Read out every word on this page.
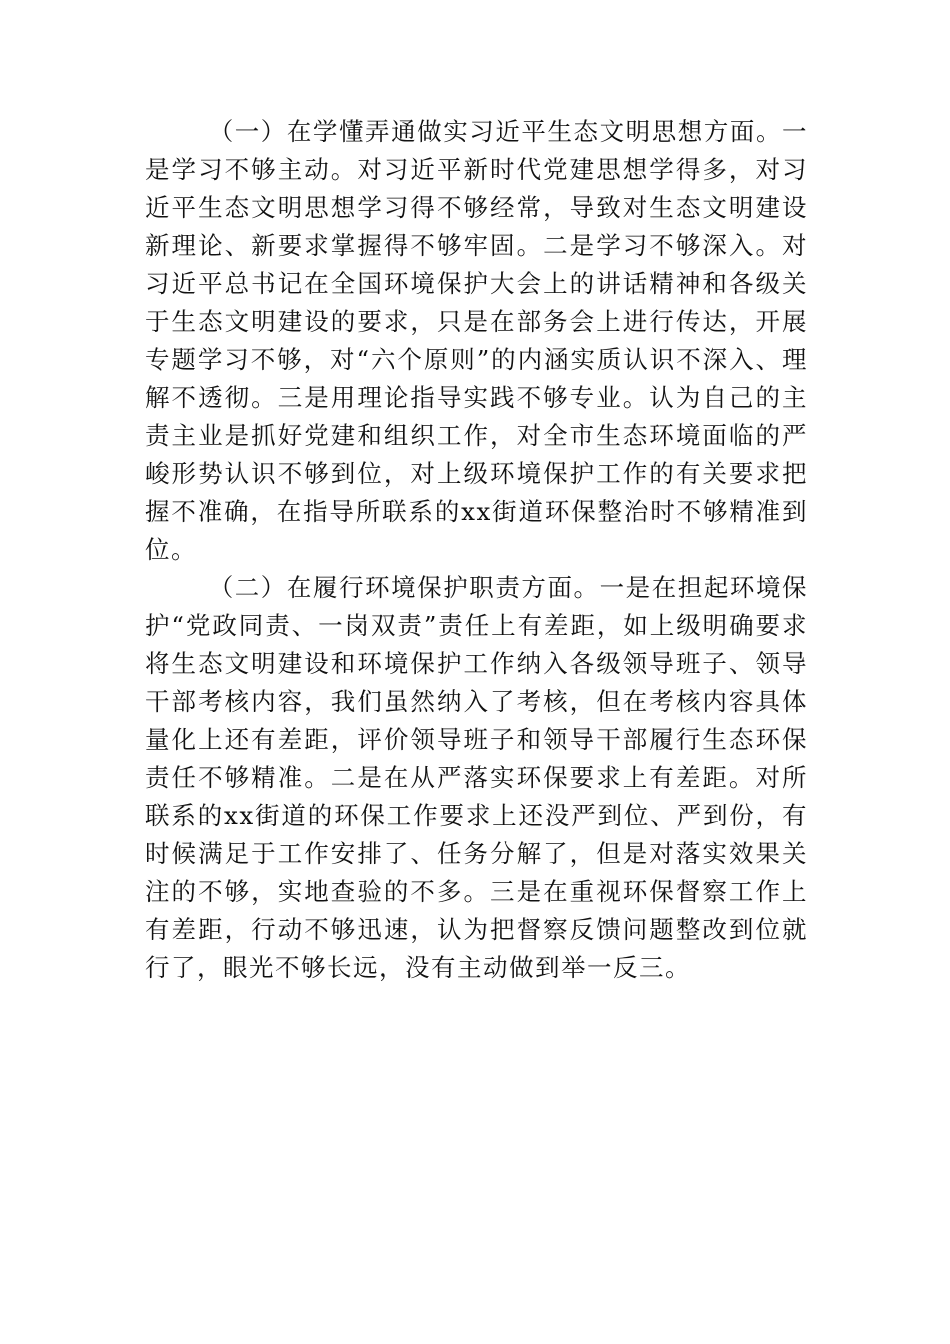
（一）在学懂弄通做实习近平生态文明思想方面。一是学习不够主动。对习近平新时代党建思想学得多，对习近平生态文明思想学习得不够经常，导致对生态文明建设新理论、新要求掌握得不够牢固。二是学习不够深入。对习近平总书记在全国环境保护大会上的讲话精神和各级关于生态文明建设的要求，只是在部务会上进行传达，开展专题学习不够，对“六个原则”的内涵实质认识不深入、理解不透彻。三是用理论指导实践不够专业。认为自己的主责主业是抓好党建和组织工作，对全市生态环境面临的严峻形势认识不够到位，对上级环境保护工作的有关要求把握不准确，在指导所联系的xx街道环保整治时不够精准到位。

（二）在履行环境保护职责方面。一是在担起环境保护“党政同责、一岗双责”责任上有差距，如上级明确要求将生态文明建设和环境保护工作纳入各级领导班子、领导干部考核内容，我们虽然纳入了考核，但在考核内容具体量化上还有差距，评价领导班子和领导干部履行生态环保责任不够精准。二是在从严落实环保要求上有差距。对所联系的xx街道的环保工作要求上还没严到位、严到份，有时候满足于工作安排了、任务分解了，但是对落实效果关注的不够，实地查验的不多。三是在重视环保督察工作上有差距，行动不够迅速，认为把督察反馈问题整改到位就行了，眼光不够长远，没有主动做到举一反三。
